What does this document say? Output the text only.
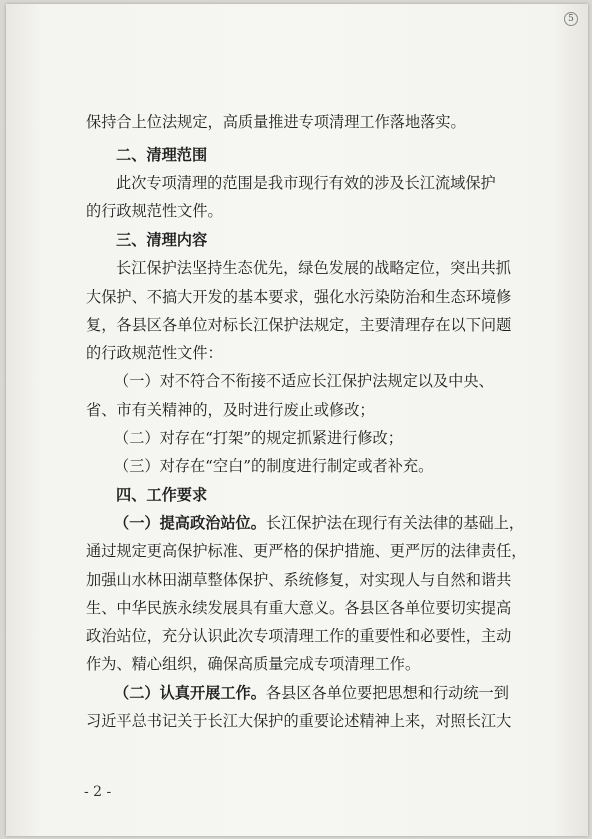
5
保持合上位法规定，高质量推进专项清理工作落地落实。
二、清理范围
此次专项清理的范围是我市现行有效的涉及长江流域保护
的行政规范性文件。
三、清理内容
长江保护法坚持生态优先，绿色发展的战略定位，突出共抓
大保护、不搞大开发的基本要求，强化水污染防治和生态环境修
复，各县区各单位对标长江保护法规定，主要清理存在以下问题
的行政规范性文件：
（一）对不符合不衔接不适应长江保护法规定以及中央、
省、市有关精神的，及时进行废止或修改；
（二）对存在“打架”的规定抓紧进行修改；
（三）对存在“空白”的制度进行制定或者补充。
四、工作要求
（一）提高政治站位。长江保护法在现行有关法律的基础上，
通过规定更高保护标准、更严格的保护措施、更严厉的法律责任，
加强山水林田湖草整体保护、系统修复，对实现人与自然和谐共
生、中华民族永续发展具有重大意义。各县区各单位要切实提高
政治站位，充分认识此次专项清理工作的重要性和必要性，主动
作为、精心组织，确保高质量完成专项清理工作。
（二）认真开展工作。各县区各单位要把思想和行动统一到
习近平总书记关于长江大保护的重要论述精神上来，对照长江大
- 2 -
